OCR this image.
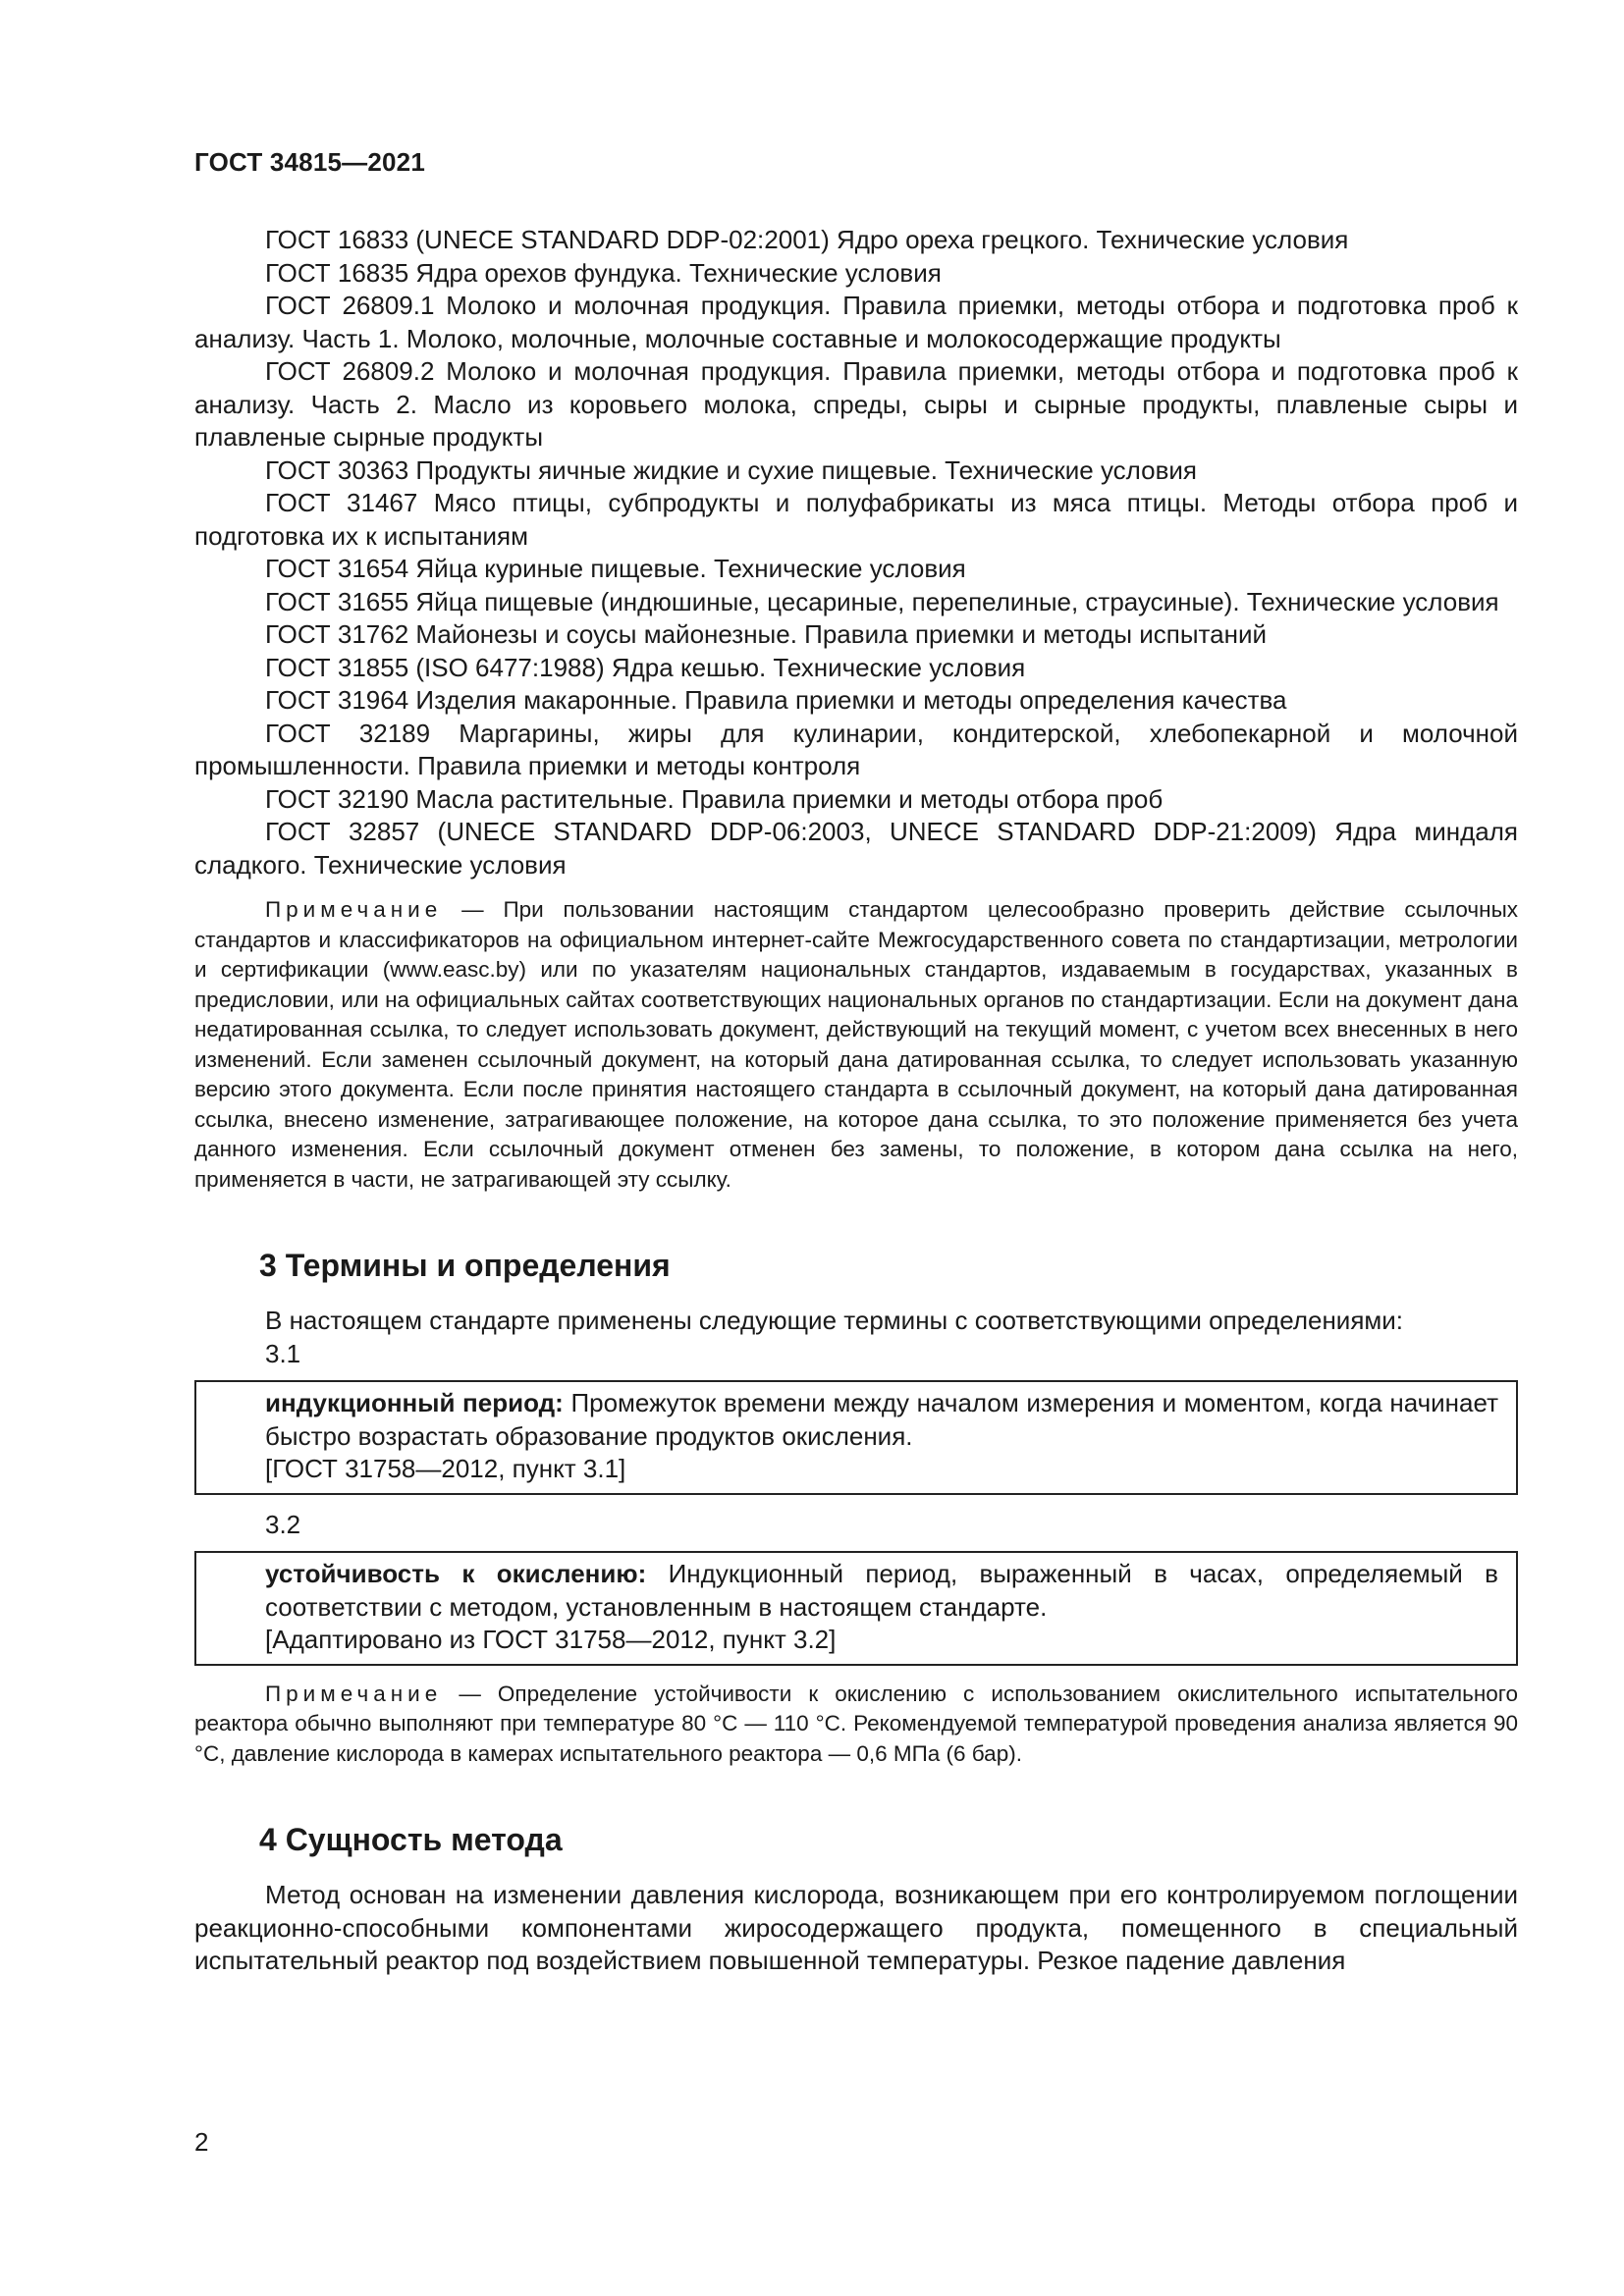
ГОСТ 34815—2021

ГОСТ 16833 (UNECE STANDARD DDP-02:2001) Ядро ореха грецкого. Технические условия

ГОСТ 16835 Ядра орехов фундука. Технические условия

ГОСТ 26809.1 Молоко и молочная продукция. Правила приемки, методы отбора и подготовка проб к анализу. Часть 1. Молоко, молочные, молочные составные и молокосодержащие продукты

ГОСТ 26809.2 Молоко и молочная продукция. Правила приемки, методы отбора и подготовка проб к анализу. Часть 2. Масло из коровьего молока, спреды, сыры и сырные продукты, плавленые сыры и плавленые сырные продукты

ГОСТ 30363 Продукты яичные жидкие и сухие пищевые. Технические условия

ГОСТ 31467 Мясо птицы, субпродукты и полуфабрикаты из мяса птицы. Методы отбора проб и подготовка их к испытаниям

ГОСТ 31654 Яйца куриные пищевые. Технические условия

ГОСТ 31655 Яйца пищевые (индюшиные, цесариные, перепелиные, страусиные). Технические условия

ГОСТ 31762 Майонезы и соусы майонезные. Правила приемки и методы испытаний

ГОСТ 31855 (ISO 6477:1988) Ядра кешью. Технические условия

ГОСТ 31964 Изделия макаронные. Правила приемки и методы определения качества

ГОСТ 32189 Маргарины, жиры для кулинарии, кондитерской, хлебопекарной и молочной промышленности. Правила приемки и методы контроля

ГОСТ 32190 Масла растительные. Правила приемки и методы отбора проб

ГОСТ 32857 (UNECE STANDARD DDP-06:2003, UNECE STANDARD DDP-21:2009) Ядра миндаля сладкого. Технические условия

Примечание — При пользовании настоящим стандартом целесообразно проверить действие ссылочных стандартов и классификаторов на официальном интернет-сайте Межгосударственного совета по стандартизации, метрологии и сертификации (www.easc.by) или по указателям национальных стандартов, издаваемым в государствах, указанных в предисловии, или на официальных сайтах соответствующих национальных органов по стандартизации. Если на документ дана недатированная ссылка, то следует использовать документ, действующий на текущий момент, с учетом всех внесенных в него изменений. Если заменен ссылочный документ, на который дана датированная ссылка, то следует использовать указанную версию этого документа. Если после принятия настоящего стандарта в ссылочный документ, на который дана датированная ссылка, внесено изменение, затрагивающее положение, на которое дана ссылка, то это положение применяется без учета данного изменения. Если ссылочный документ отменен без замены, то положение, в котором дана ссылка на него, применяется в части, не затрагивающей эту ссылку.

3 Термины и определения

В настоящем стандарте применены следующие термины с соответствующими определениями:

3.1

индукционный период: Промежуток времени между началом измерения и моментом, когда начинает быстро возрастать образование продуктов окисления.

[ГОСТ 31758—2012, пункт 3.1]

3.2

устойчивость к окислению: Индукционный период, выраженный в часах, определяемый в соответствии с методом, установленным в настоящем стандарте.

[Адаптировано из ГОСТ 31758—2012, пункт 3.2]

Примечание — Определение устойчивости к окислению с использованием окислительного испытательного реактора обычно выполняют при температуре 80 °С — 110 °С. Рекомендуемой температурой проведения анализа является 90 °С, давление кислорода в камерах испытательного реактора — 0,6 МПа (6 бар).

4 Сущность метода

Метод основан на изменении давления кислорода, возникающем при его контролируемом поглощении реакционно-способными компонентами жиросодержащего продукта, помещенного в специальный испытательный реактор под воздействием повышенной температуры. Резкое падение давления

2
